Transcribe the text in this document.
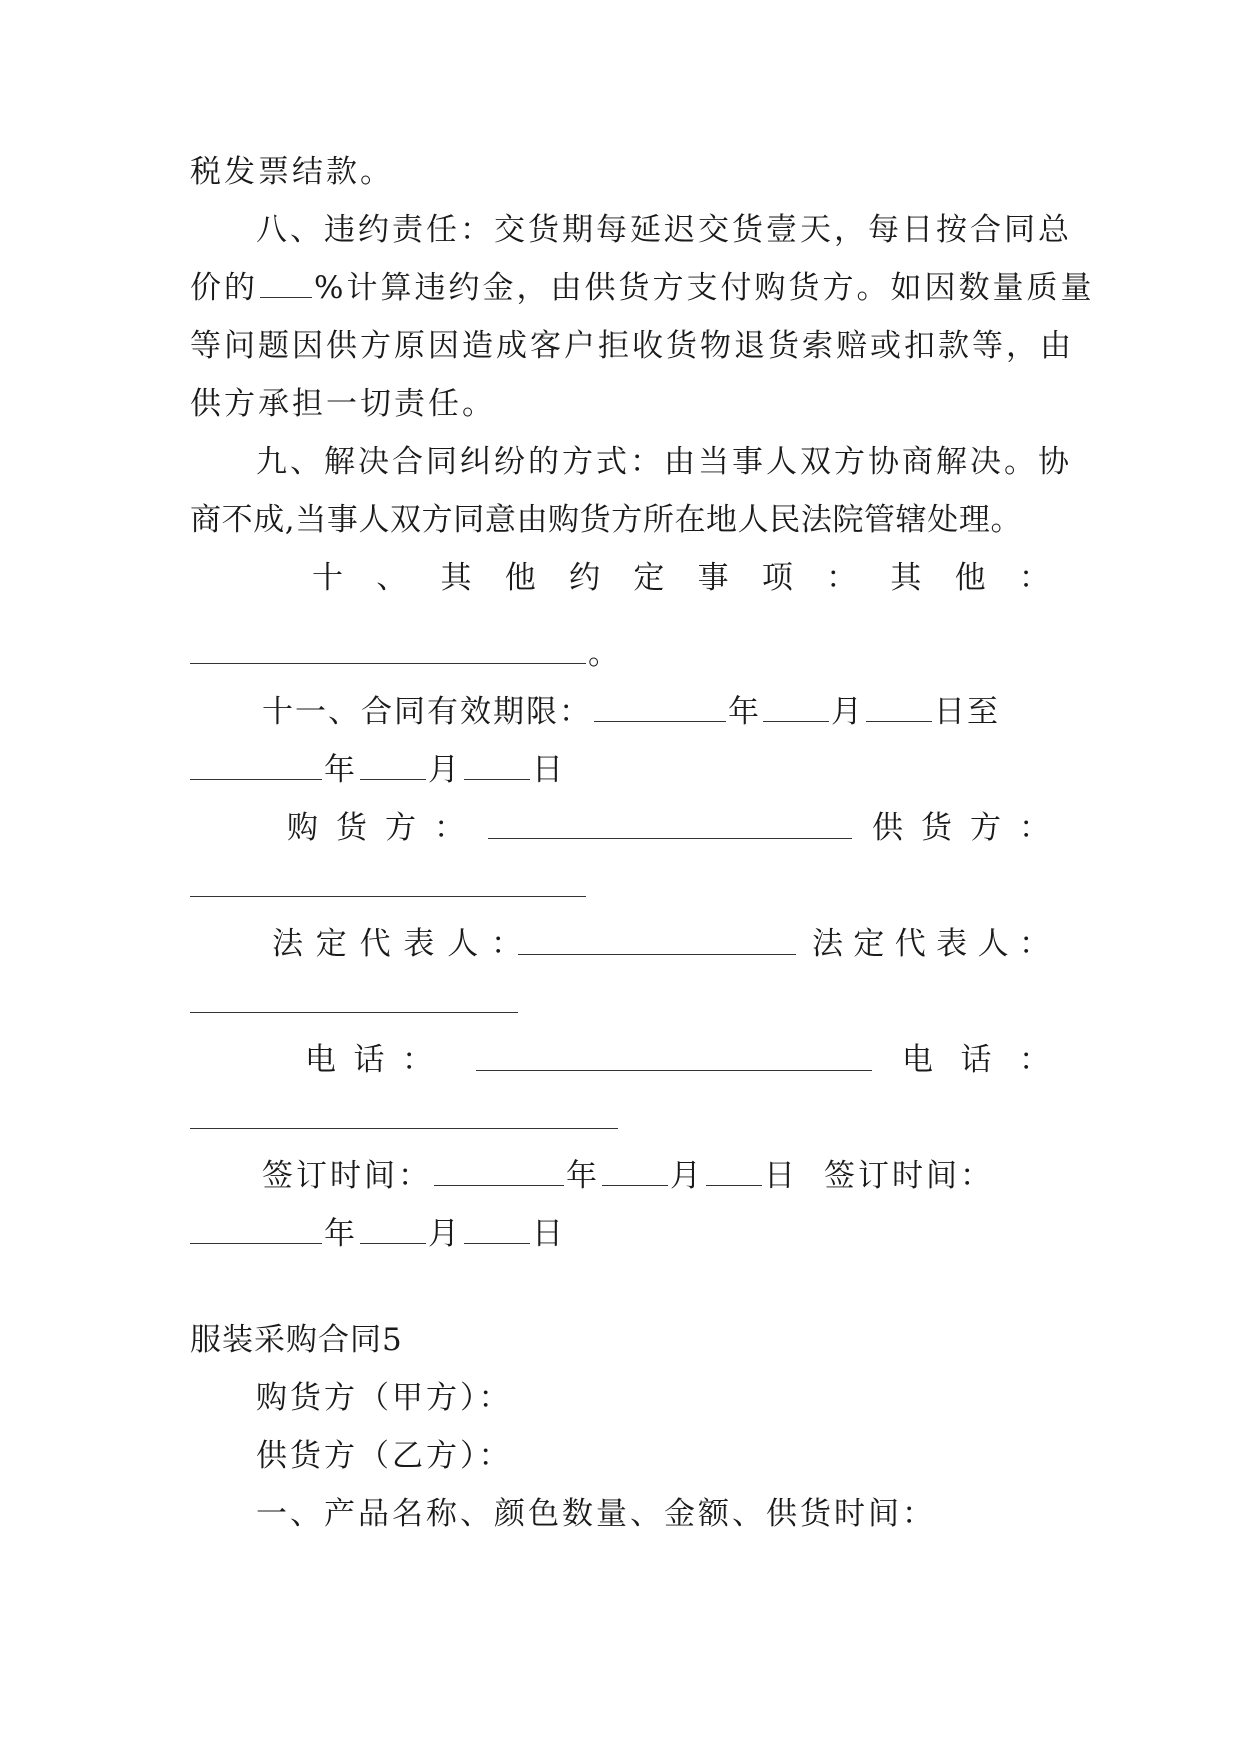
税发票结款。
八、违约责任：交货期每延迟交货壹天，每日按合同总
价的 %计算违约金，由供货方支付购货方。如因数量质量
等问题因供方原因造成客户拒收货物退货索赔或扣款等，由
供方承担一切责任。
九、解决合同纠纷的方式：由当事人双方协商解决。协
商不成,当事人双方同意由购货方所在地人民法院管辖处理。
十 、 其 他 约 定 事 项 ： 其 他 ：
。
十一、合同有效期限：	年 月 日至
年 月 日
购 货 方 ：	供 货 方 ：
法 定 代 表 人 ：	法 定 代 表 人 ：
电 话 ：	电 话 ：
签订时间：	年 月 日 签订时间：
年 月 日
服装采购合同5
购货方（甲方）：
供货方（乙方）：
一、产品名称、颜色数量、金额、供货时间：
